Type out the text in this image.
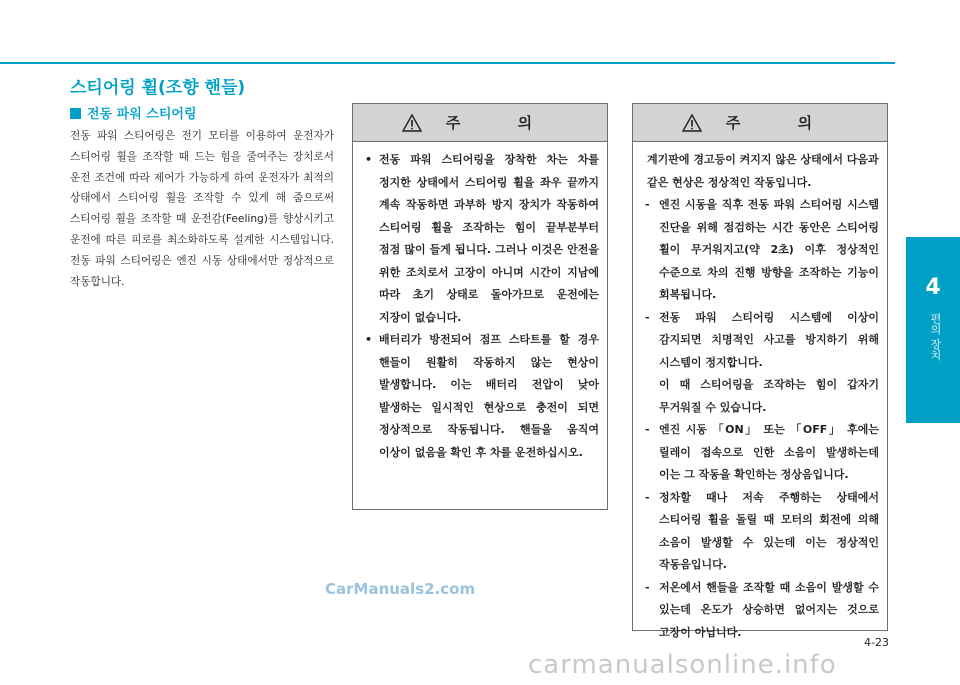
4
편의 장치
스티어링 휠(조향 핸들)
전동 파워 스티어링
전동 파워 스티어링은 전기 모터를 이용하여 운전자가 스티어링 휠을 조작할 때 드는 힘을 줄여주는 장치로서 운전 조건에 따라 제어가 가능하게 하여 운전자가 최적의 상태에서 스티어링 휠을 조작할 수 있게 해 줌으로써 스티어링 휠을 조작할 때 운전감(Feeling)를 향상시키고 운전에 따른 피로를 최소화하도록 설계한 시스템입니다. 전동 파워 스티어링은 엔진 시동 상태에서만 정상적으로 작동합니다.
주 의
• 전동 파워 스티어링을 장착한 차는 차를 정지한 상태에서 스티어링 휠을 좌우 끝까지 계속 작동하면 과부하 방지 장치가 작동하여 스티어링 휠을 조작하는 힘이 끝부분부터 점점 많이 들게 됩니다. 그러나 이것은 안전을 위한 조치로서 고장이 아니며 시간이 지남에 따라 초기 상태로 돌아가므로 운전에는 지장이 없습니다.
• 배터리가 방전되어 점프 스타트를 할 경우 핸들이 원활히 작동하지 않는 현상이 발생합니다. 이는 배터리 전압이 낮아 발생하는 일시적인 현상으로 충전이 되면 정상적으로 작동됩니다. 핸들을 움직여 이상이 없음을 확인 후 차를 운전하십시오.
주 의
계기판에 경고등이 켜지지 않은 상태에서 다음과 같은 현상은 정상적인 작동입니다.
- 엔진 시동을 직후 전동 파워 스티어링 시스템 진단을 위해 점검하는 시간 동안은 스티어링 휠이 무거워지고(약 2초) 이후 정상적인 수준으로 차의 진행 방향을 조작하는 기능이 회복됩니다.
- 전동 파워 스티어링 시스템에 이상이 감지되면 치명적인 사고를 방지하기 위해 시스템이 정지합니다.
이 때 스티어링을 조작하는 힘이 갑자기 무거워질 수 있습니다.
- 엔진 시동 「ON」 또는 「OFF」 후에는 릴레이 접속으로 인한 소음이 발생하는데 이는 그 작동을 확인하는 정상음입니다.
- 정차할 때나 저속 주행하는 상태에서 스티어링 휠을 돌릴 때 모터의 회전에 의해 소음이 발생할 수 있는데 이는 정상적인 작동음입니다.
- 저온에서 핸들을 조작할 때 소음이 발생할 수 있는데 온도가 상승하면 없어지는 것으로 고장이 아닙니다.
CarManuals2.com
4-23
carmanualsonline.info
